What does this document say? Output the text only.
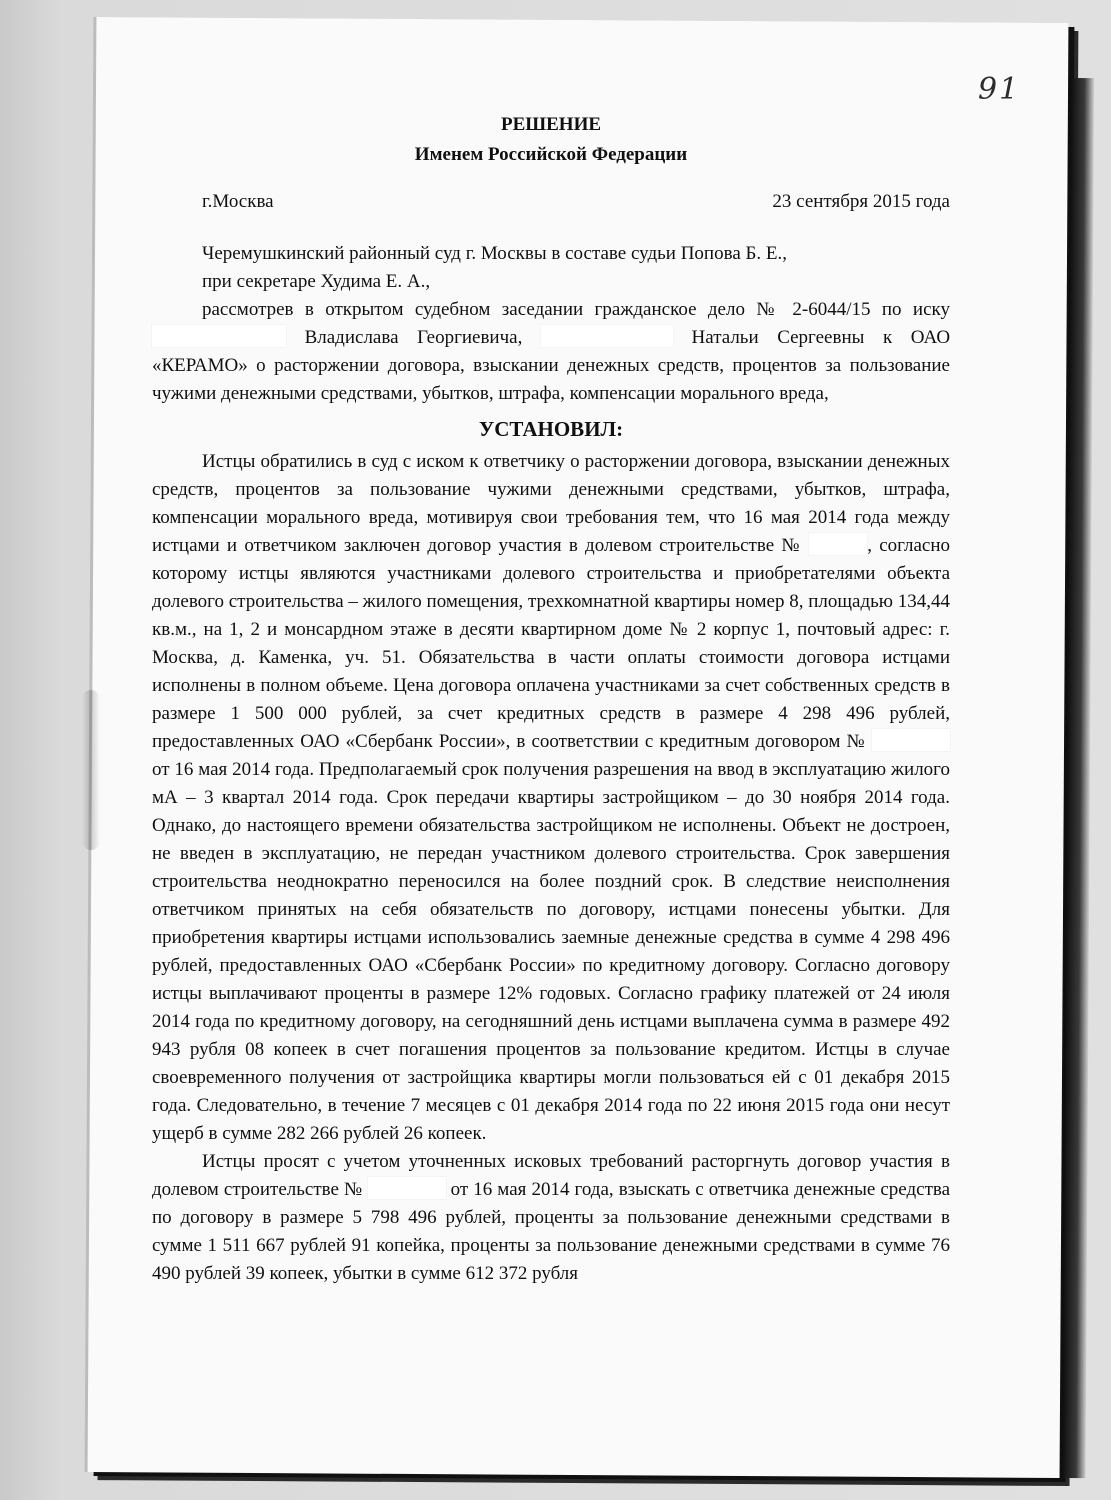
91
РЕШЕНИЕ
Именем Российской Федерации
г.Москва	23 сентября 2015 года
Черемушкинский районный суд г. Москвы в составе судьи Попова Б. Е.,
при секретаре Худима Е. А.,

рассмотрев в открытом судебном заседании гражданское дело № 2-6044/15 по иску  Владислава Георгиевича,	Натальи Сергеевны к ОАО «КЕРАМО» о расторжении договора, взыскании денежных средств, процентов за пользование чужими денежными средствами, убытков, штрафа, компенсации морального вреда,

УСТАНОВИЛ:

Истцы обратились в суд с иском к ответчику о расторжении договора, взыскании денежных средств, процентов за пользование чужими денежными средствами, убытков, штрафа, компенсации морального вреда, мотивируя свои требования тем, что 16 мая 2014 года между истцами и ответчиком заключен договор участия в долевом строительстве №	, согласно которому истцы являются участниками долевого строительства и приобретателями объекта долевого строительства – жилого помещения, трехкомнатной квартиры номер 8, площадью 134,44 кв.м., на 1, 2 и монсардном этаже в десяти квартирном доме № 2 корпус 1, почтовый адрес: г. Москва, д. Каменка, уч. 51. Обязательства в части оплаты стоимости договора истцами исполнены в полном объеме. Цена договора оплачена участниками за счет собственных средств в размере 1 500 000 рублей, за счет кредитных средств в размере 4 298 496 рублей, предоставленных ОАО «Сбербанк России», в соответствии с кредитным договором №  от 16 мая 2014 года. Предполагаемый срок получения разрешения на ввод в эксплуатацию жилого мА – 3 квартал 2014 года. Срок передачи квартиры застройщиком – до 30 ноября 2014 года. Однако, до настоящего времени обязательства застройщиком не исполнены. Объект не достроен, не введен в эксплуатацию, не передан участником долевого строительства. Срок завершения строительства неоднократно переносился на более поздний срок. В следствие неисполнения ответчиком принятых на себя обязательств по договору, истцами понесены убытки. Для приобретения квартиры истцами использовались заемные денежные средства в сумме 4 298 496 рублей, предоставленных ОАО «Сбербанк России» по кредитному договору. Согласно договору истцы выплачивают проценты в размере 12% годовых. Согласно графику платежей от 24 июля 2014 года по кредитному договору, на сегодняшний день истцами выплачена сумма в размере 492 943 рубля 08 копеек в счет погашения процентов за пользование кредитом. Истцы в случае своевременного получения от застройщика квартиры могли пользоваться ей с 01 декабря 2015 года. Следовательно, в течение 7 месяцев с 01 декабря 2014 года по 22 июня 2015 года они несут ущерб в сумме 282 266 рублей 26 копеек.

Истцы просят с учетом уточненных исковых требований расторгнуть договор участия в долевом строительстве №	от 16 мая 2014 года, взыскать с ответчика денежные средства по договору в размере 5 798 496 рублей, проценты за пользование денежными средствами в сумме 1 511 667 рублей 91 копейка, проценты за пользование денежными средствами в сумме 76 490 рублей 39 копеек, убытки в сумме 612 372 рубля
